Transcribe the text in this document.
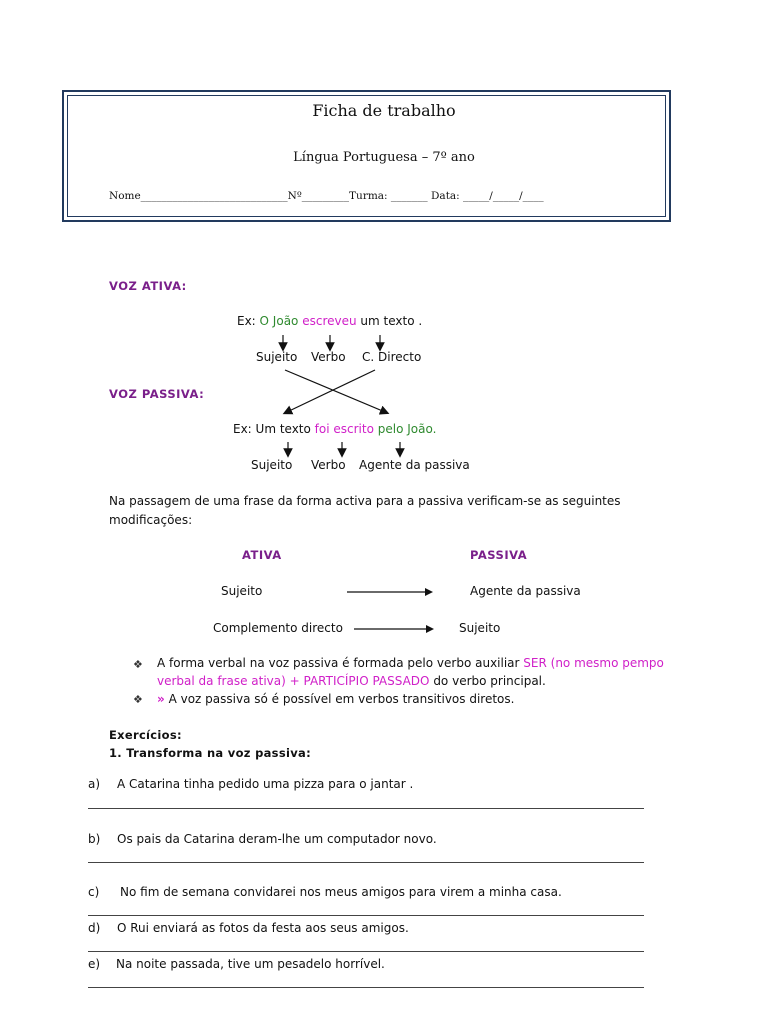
Ficha de trabalho
Língua Portuguesa – 7º ano
Nome____________________________Nº_________Turma: _______ Data: _____/_____/____
VOZ ATIVA:
Ex: O João escreveu um texto .
Sujeito Verbo C. Directo
VOZ PASSIVA:
Ex: Um texto foi escrito pelo João.
Sujeito Verbo Agente da passiva
Na passagem de uma frase da forma activa para a passiva verificam-se as seguintes
modificações:
ATIVA	PASSIVA
Sujeito	Agente da passiva
Complemento directo	Sujeito
❖ A forma verbal na voz passiva é formada pelo verbo auxiliar SER (no mesmo pempo
verbal da frase ativa) + PARTICÍPIO PASSADO do verbo principal.
❖ » A voz passiva só é possível em verbos transitivos diretos.
Exercícios:
1. Transforma na voz passiva:
a) A Catarina tinha pedido uma pizza para o jantar .
b) Os pais da Catarina deram-lhe um computador novo.
c) No fim de semana convidarei nos meus amigos para virem a minha casa.
d) O Rui enviará as fotos da festa aos seus amigos.
e) Na noite passada, tive um pesadelo horrível.
